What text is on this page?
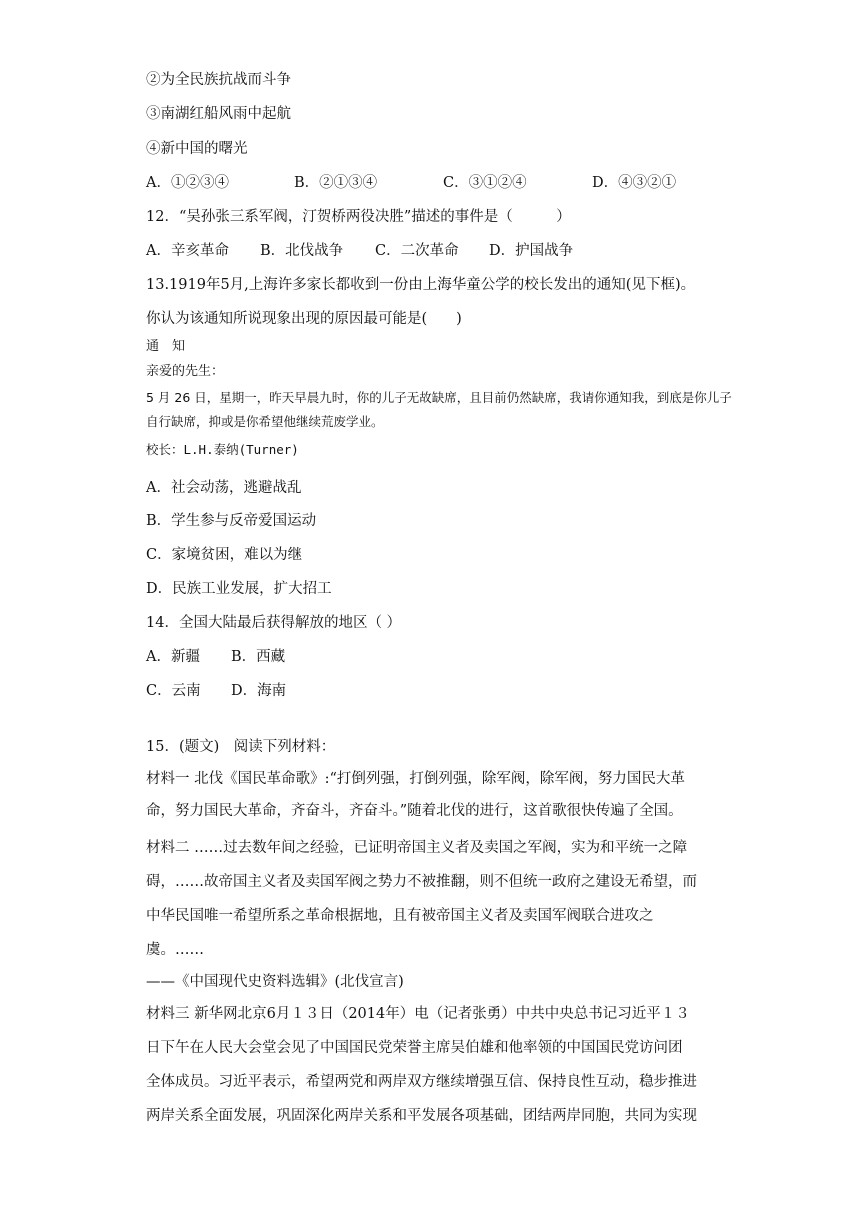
②为全民族抗战而斗争
③南湖红船风雨中起航
④新中国的曙光
A．①②③④	B．②①③④	C．③①②④	D．④③②①
12．“吴孙张三系军阀，汀贺桥两役决胜”描述的事件是（　　　）
A．辛亥革命 B．北伐战争 C．二次革命 D．护国战争
13.1919年5月,上海许多家长都收到一份由上海华童公学的校长发出的通知(见下框)。
你认为该通知所说现象出现的原因最可能是(　　)
通　知
亲爱的先生：
5 月 26 日，星期一，昨天早晨九时，你的儿子无故缺席，且目前仍然缺席，我请你通知我，到底是你儿子
自行缺席，抑或是你希望他继续荒废学业。
校长：L.H.泰纳(Turner)
A．社会动荡，逃避战乱
B．学生参与反帝爱国运动
C．家境贫困，难以为继
D．民族工业发展，扩大招工
14．全国大陆最后获得解放的地区（ ）
A．新疆 B．西藏
C．云南 D．海南
15．(题文)　阅读下列材料：
材料一 北伐《国民革命歌》:“打倒列强，打倒列强，除军阀，除军阀，努力国民大革
命，努力国民大革命，齐奋斗，齐奋斗。”随着北伐的进行，这首歌很快传遍了全国。
材料二 ……过去数年间之经验，已证明帝国主义者及卖国之军阀，实为和平统一之障
碍，……故帝国主义者及卖国军阀之势力不被推翻，则不但统一政府之建设无希望，而
中华民国唯一希望所系之革命根据地，且有被帝国主义者及卖国军阀联合进攻之
虞。……
——《中国现代史资料选辑》(北伐宣言)
材料三 新华网北京6月１３日（2014年）电（记者张勇）中共中央总书记习近平１３
日下午在人民大会堂会见了中国国民党荣誉主席吴伯雄和他率领的中国国民党访问团
全体成员。习近平表示，希望两党和两岸双方继续增强互信、保持良性互动，稳步推进
两岸关系全面发展，巩固深化两岸关系和平发展各项基础，团结两岸同胞，共同为实现
